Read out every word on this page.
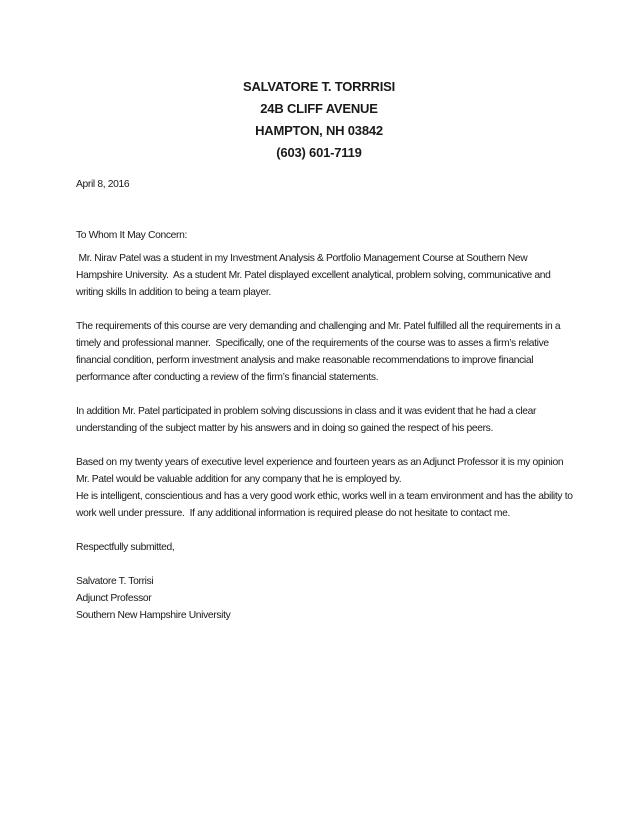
SALVATORE T. TORRRISI
24B CLIFF AVENUE
HAMPTON, NH 03842
(603) 601-7119

April 8, 2016

To Whom It May Concern:

Mr. Nirav Patel was a student in my Investment Analysis & Portfolio Management Course at Southern New Hampshire University.  As a student Mr. Patel displayed excellent analytical, problem solving, communicative and writing skills In addition to being a team player.

The requirements of this course are very demanding and challenging and Mr. Patel fulfilled all the requirements in a timely and professional manner.  Specifically, one of the requirements of the course was to asses a firm’s relative financial condition, perform investment analysis and make reasonable recommendations to improve financial performance after conducting a review of the firm’s financial statements.

In addition Mr. Patel participated in problem solving discussions in class and it was evident that he had a clear understanding of the subject matter by his answers and in doing so gained the respect of his peers.

Based on my twenty years of executive level experience and fourteen years as an Adjunct Professor it is my opinion Mr. Patel would be valuable addition for any company that he is employed by.

He is intelligent, conscientious and has a very good work ethic, works well in a team environment and has the ability to work well under pressure.  If any additional information is required please do not hesitate to contact me.

Respectfully submitted,

Salvatore T. Torrisi
Adjunct Professor
Southern New Hampshire University
